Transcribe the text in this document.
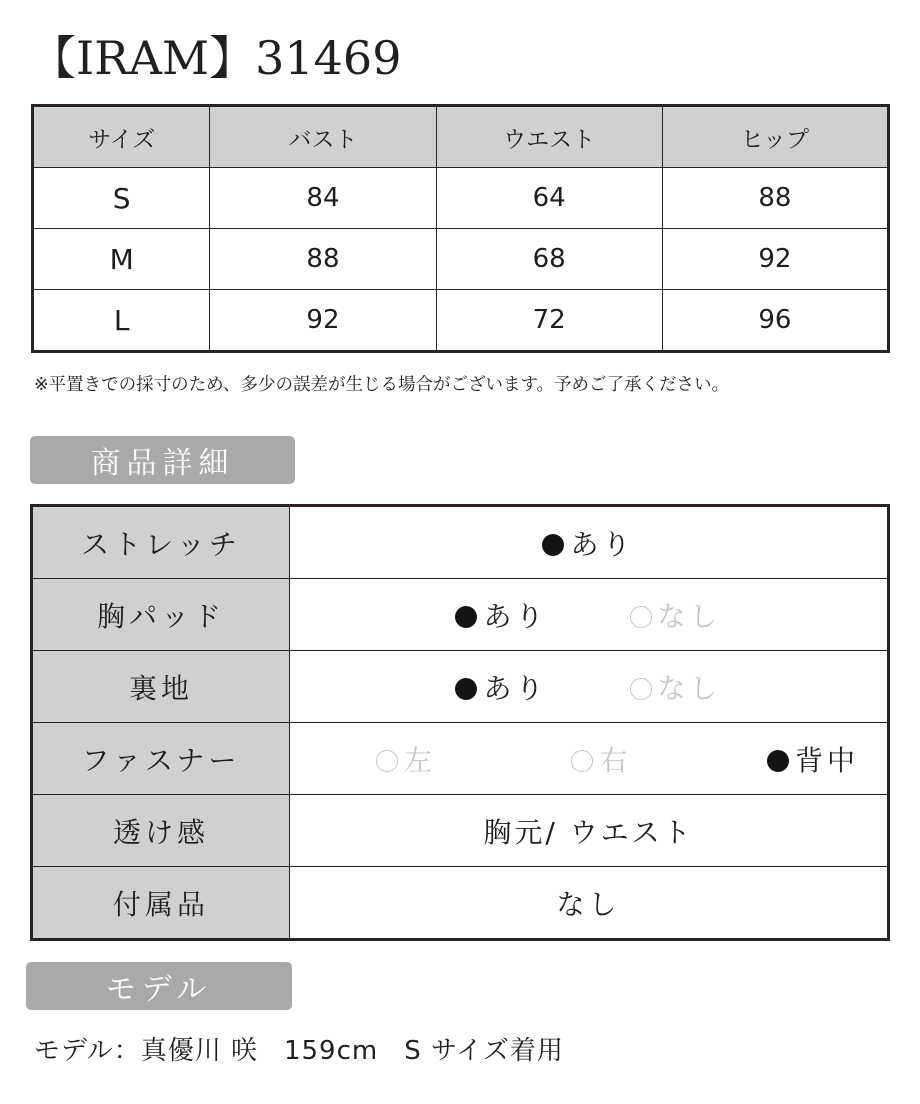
【IRAM】31469
サイズ	バスト	ウエスト	ヒップ
S	84	64	88
M	88	68	92
L	92	72	96
※平置きでの採寸のため、多少の誤差が生じる場合がございます。予めご了承ください。
商品詳細
ストレッチ	あり

胸パッド	あり なし

裏地	あり なし

ファスナー	左 右 背中

透け感	胸元/ ウエスト
付属品	なし
モデル
モデル：真優川 咲 159cm S サイズ着用
